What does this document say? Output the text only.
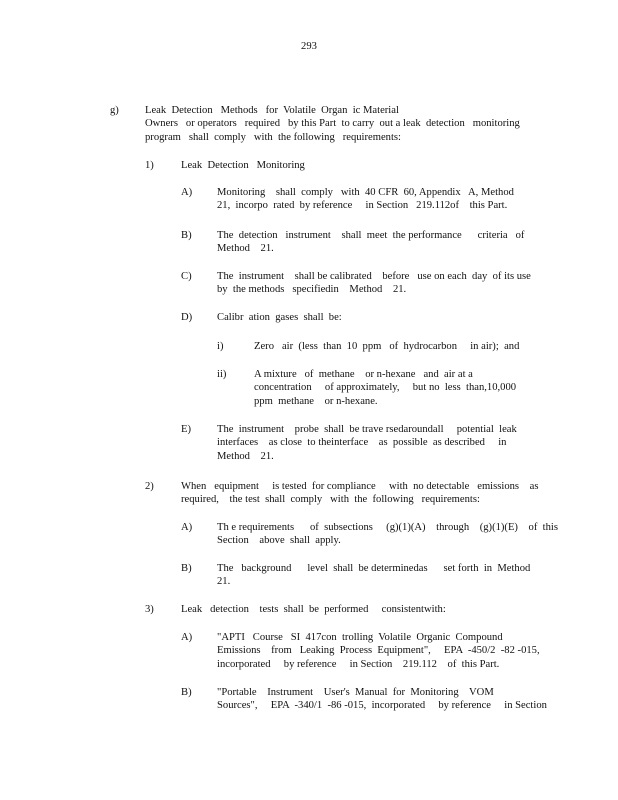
293
g) Leak  Detection   Methods   for  Volatile  Organ  ic Material
Owners   or operators   required   by this Part  to carry  out a leak  detection   monitoring
program   shall  comply   with  the following   requirements:
1)	Leak  Detection   Monitoring
A) Monitoring    shall  comply   with  40 CFR  60, Appendix   A, Method
21,  incorpo  rated  by reference     in Section   219.112of    this Part.
B) The  detection   instrument    shall  meet  the performance      criteria   of
Method    21.
C) The  instrument    shall be calibrated    before   use on each  day  of its use
by  the methods   specifiedin    Method    21.
D) Calibr  ation  gases  shall  be:
i)	Zero   air  (less  than  10  ppm   of  hydrocarbon     in air);  and
ii)	A mixture   of  methane    or n-hexane   and  air at a
concentration     of approximately,     but no  less  than,10,000
ppm  methane    or n-hexane.
E) The  instrument    probe  shall  be trave rsedaroundall     potential  leak
interfaces    as close  to theinterface    as  possible  as described     in
Method    21.
2)	When   equipment     is tested  for compliance     with  no detectable   emissions    as
required,    the test  shall  comply   with  the  following   requirements:
A) Th e requirements      of  subsections     (g)(1)(A)    through    (g)(1)(E)    of  this
Section    above  shall  apply.
B) The   background      level  shall  be determinedas      set forth  in  Method
21.
3)	Leak   detection    tests  shall  be  performed     consistentwith:
A) "APTI   Course   SI  417con  trolling  Volatile  Organic  Compound
Emissions    from   Leaking  Process  Equipment",     EPA  -450/2  -82 -015,
incorporated     by reference     in Section    219.112    of  this Part.
B) "Portable    Instrument    User's  Manual  for  Monitoring    VOM
Sources",     EPA  -340/1  -86 -015,  incorporated     by reference     in Section
